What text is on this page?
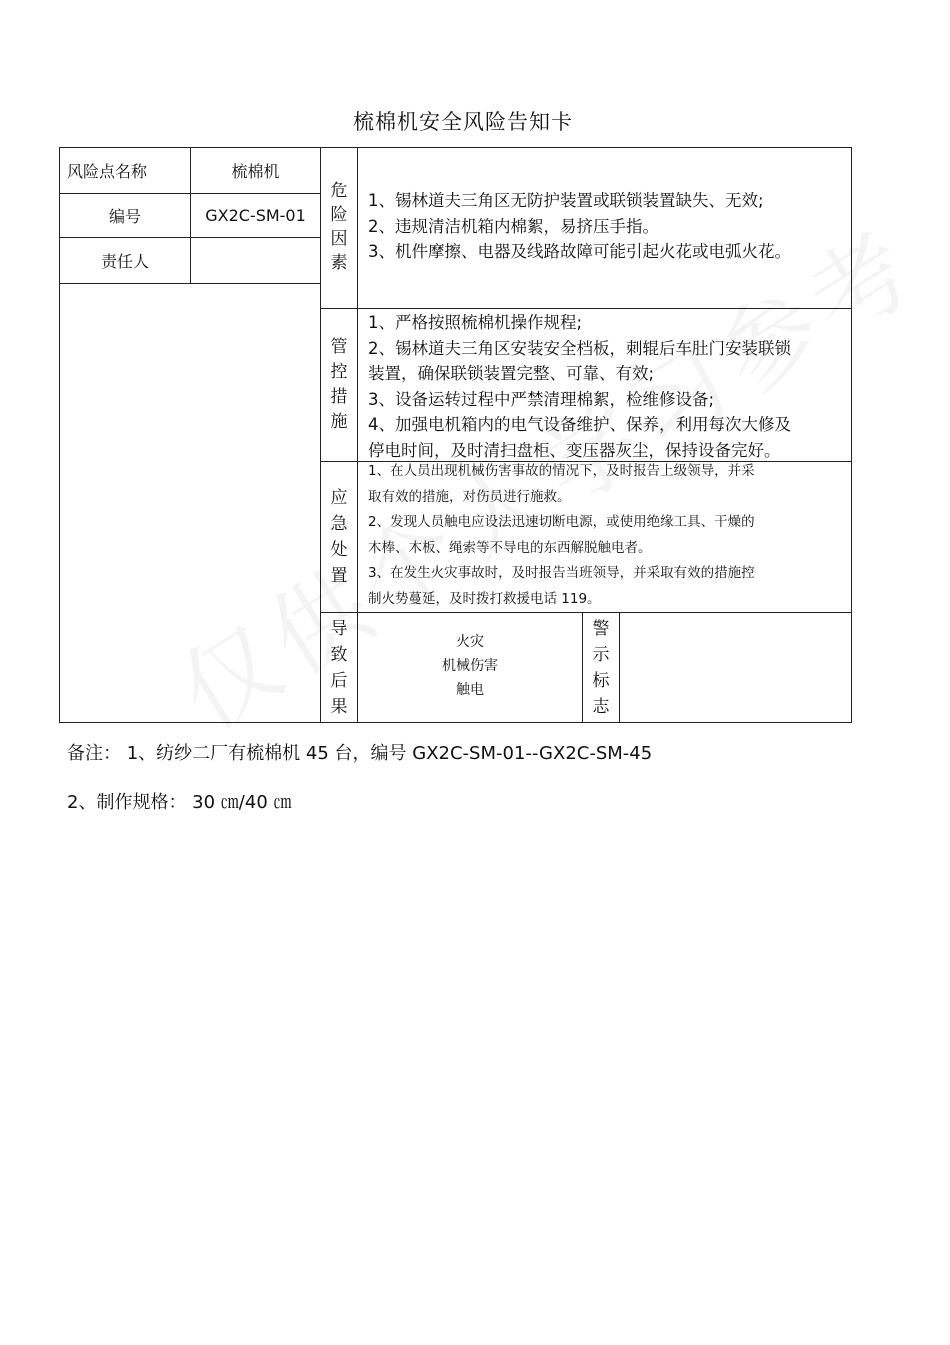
梳棉机安全风险告知卡
风险点名称	梳棉机
编号	GX2C-SM-01
责任人
危
险
因
素
1、锡林道夫三角区无防护装置或联锁装置缺失、无效;
2、违规清洁机箱内棉絮，易挤压手指。
3、机件摩擦、电器及线路故障可能引起火花或电弧火花。
管
控
措
施
1、严格按照梳棉机操作规程;
2、锡林道夫三角区安装安全档板，刺辊后车肚门安装联锁
装置，确保联锁装置完整、可靠、有效;
3、设备运转过程中严禁清理棉絮，检维修设备;
4、加强电机箱内的电气设备维护、保养，利用每次大修及
停电时间，及时清扫盘柜、变压器灰尘，保持设备完好。
应
急
处
置
1、在人员出现机械伤害事故的情况下，及时报告上级领导，并采
取有效的措施，对伤员进行施救。
2、发现人员触电应设法迅速切断电源，或使用绝缘工具、干燥的
木棒、木板、绳索等不导电的东西解脱触电者。
3、在发生火灾事故时，及时报告当班领导，并采取有效的措施控
制火势蔓延，及时拨打救援电话 119。
导
致
后
果
火灾
机械伤害
触电
警
示
标
志
备注： 1、纺纱二厂有梳棉机 45 台，编号 GX2C-SM-01--GX2C-SM-45
2、制作规格： 30 ㎝/40 ㎝
